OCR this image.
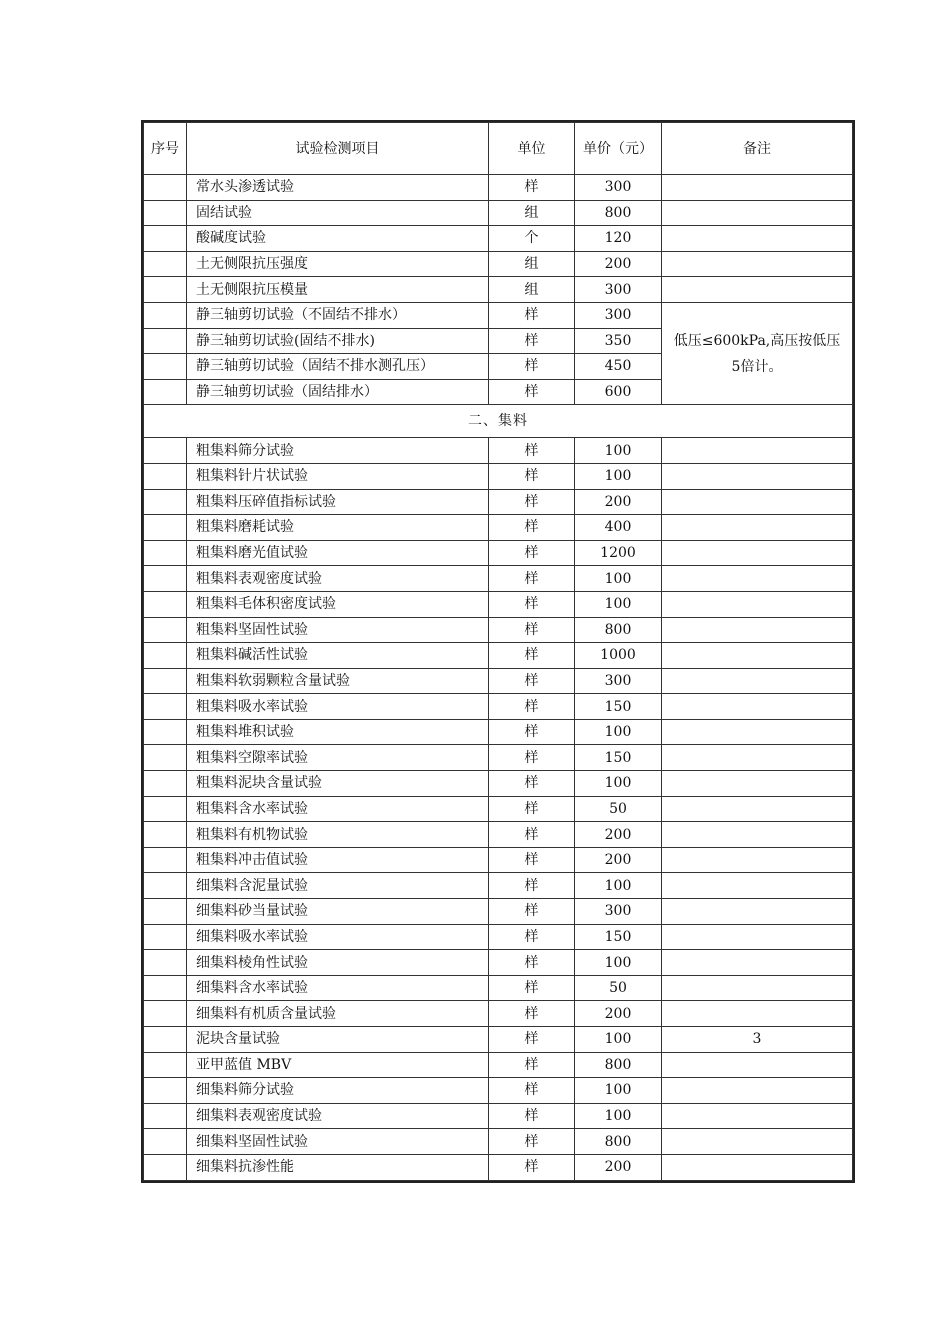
序号	试验检测项目	单位	单价（元）	备注
	常水头渗透试验	样	300	
	固结试验	组	800	
	酸碱度试验	个	120	
	土无侧限抗压强度	组	200	
	土无侧限抗压模量	组	300	
	静三轴剪切试验（不固结不排水）	样	300	低压≤600kPa,高压按低压5倍计。
	静三轴剪切试验(固结不排水)	样	350	
	静三轴剪切试验（固结不排水测孔压）	样	450	
	静三轴剪切试验（固结排水）	样	600	
二、集料				
	粗集料筛分试验	样	100	
	粗集料针片状试验	样	100	
	粗集料压碎值指标试验	样	200	
	粗集料磨耗试验	样	400	
	粗集料磨光值试验	样	1200	
	粗集料表观密度试验	样	100	
	粗集料毛体积密度试验	样	100	
	粗集料坚固性试验	样	800	
	粗集料碱活性试验	样	1000	
	粗集料软弱颗粒含量试验	样	300	
	粗集料吸水率试验	样	150	
	粗集料堆积试验	样	100	
	粗集料空隙率试验	样	150	
	粗集料泥块含量试验	样	100	
	粗集料含水率试验	样	50	
	粗集料有机物试验	样	200	
	粗集料冲击值试验	样	200	
	细集料含泥量试验	样	100	
	细集料砂当量试验	样	300	
	细集料吸水率试验	样	150	
	细集料棱角性试验	样	100	
	细集料含水率试验	样	50	
	细集料有机质含量试验	样	200	
	泥块含量试验	样	100	3
	亚甲蓝值 MBV	样	800	
	细集料筛分试验	样	100	
	细集料表观密度试验	样	100	
	细集料坚固性试验	样	800	
	细集料抗渗性能	样	200	
